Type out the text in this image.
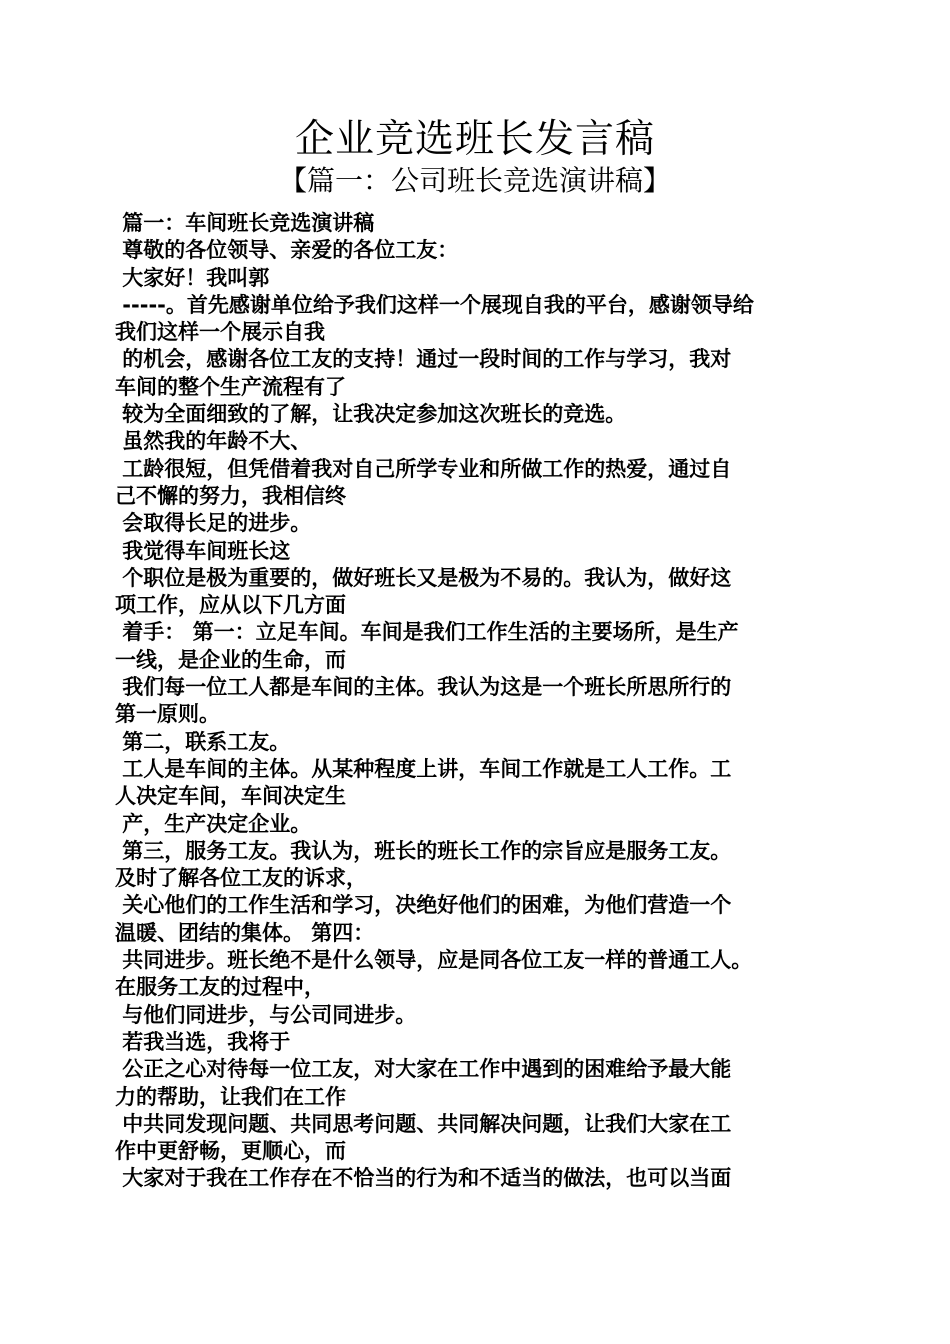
企业竞选班长发言稿
【篇一：公司班长竞选演讲稿】
篇一：车间班长竞选演讲稿
尊敬的各位领导、亲爱的各位工友：
大家好！我叫郭
-----。首先感谢单位给予我们这样一个展现自我的平台，感谢领导给
我们这样一个展示自我
的机会，感谢各位工友的支持！通过一段时间的工作与学习，我对
车间的整个生产流程有了
较为全面细致的了解，让我决定参加这次班长的竞选。
虽然我的年龄不大、
工龄很短，但凭借着我对自己所学专业和所做工作的热爱，通过自
己不懈的努力，我相信终
会取得长足的进步。
我觉得车间班长这
个职位是极为重要的，做好班长又是极为不易的。我认为，做好这
项工作，应从以下几方面
着手： 第一：立足车间。车间是我们工作生活的主要场所，是生产
一线，是企业的生命，而
我们每一位工人都是车间的主体。我认为这是一个班长所思所行的
第一原则。
第二，联系工友。
工人是车间的主体。从某种程度上讲，车间工作就是工人工作。工
人决定车间，车间决定生
产，生产决定企业。
第三，服务工友。我认为，班长的班长工作的宗旨应是服务工友。
及时了解各位工友的诉求，
关心他们的工作生活和学习，决绝好他们的困难，为他们营造一个
温暖、团结的集体。 第四：
共同进步。班长绝不是什么领导，应是同各位工友一样的普通工人。
在服务工友的过程中，
与他们同进步，与公司同进步。
若我当选，我将于
公正之心对待每一位工友，对大家在工作中遇到的困难给予最大能
力的帮助，让我们在工作
中共同发现问题、共同思考问题、共同解决问题，让我们大家在工
作中更舒畅，更顺心，而
大家对于我在工作存在不恰当的行为和不适当的做法，也可以当面
